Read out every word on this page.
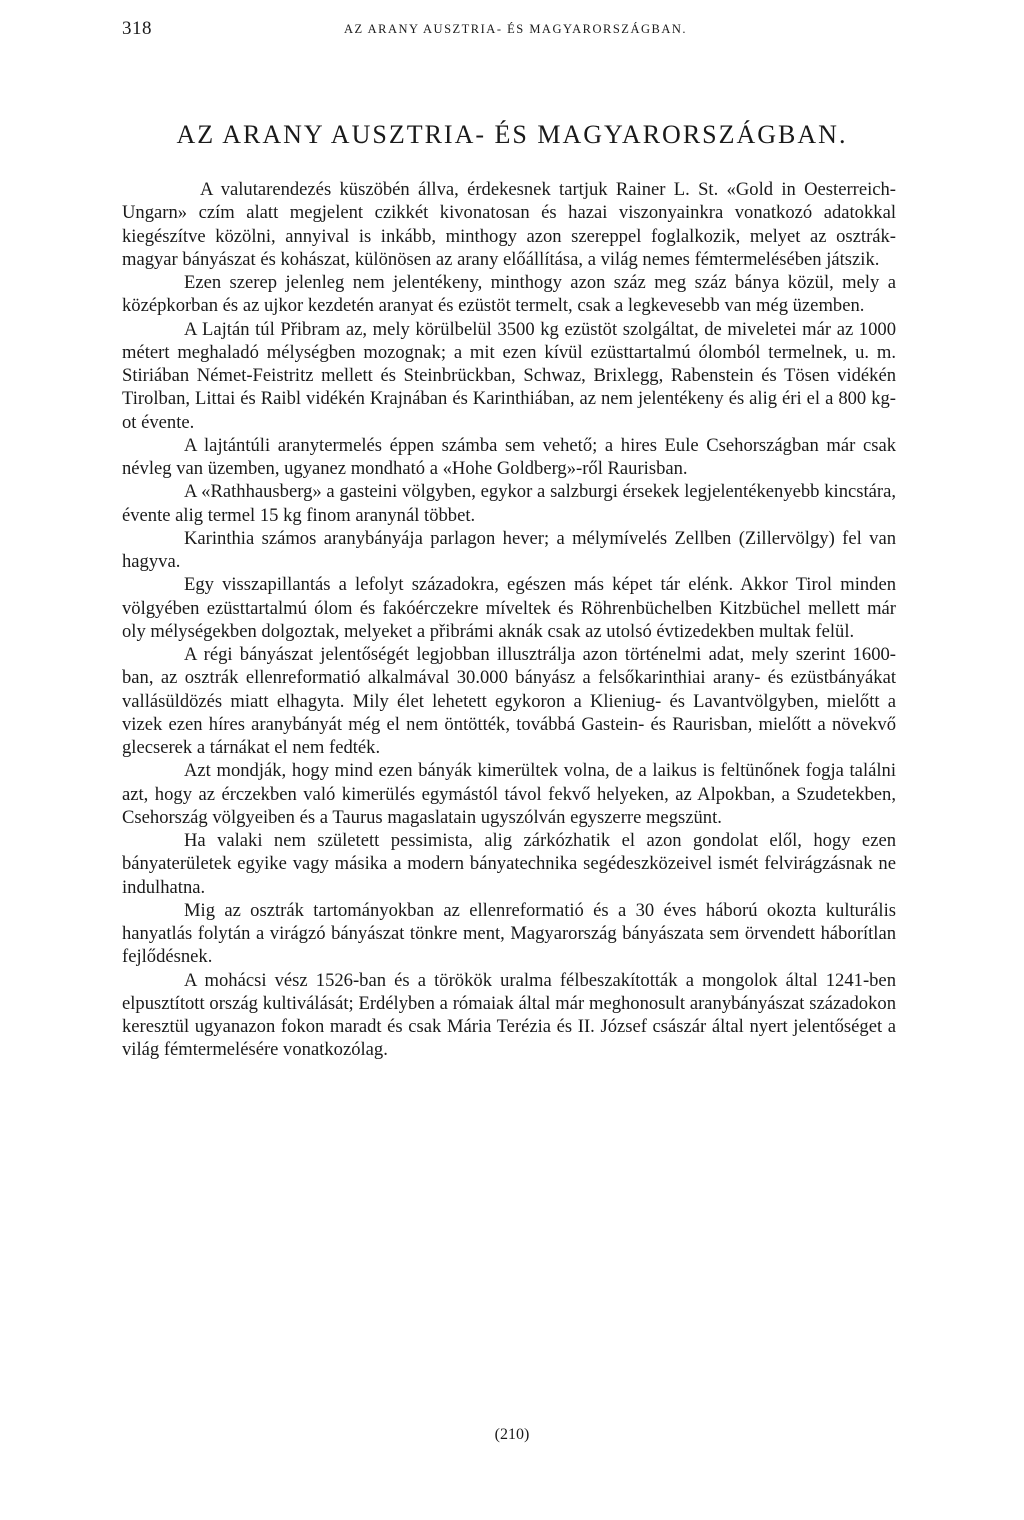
318	AZ ARANY AUSZTRIA- ÉS MAGYARORSZÁGBAN.
AZ ARANY AUSZTRIA- ÉS MAGYARORSZÁGBAN.

A valutarendezés küszöbén állva, érdekesnek tartjuk Rainer L. St. «Gold in Oesterreich-Ungarn» czím alatt megjelent czikkét kivonatosan és hazai viszonyainkra vonatkozó adatokkal kiegészítve közölni, annyival is inkább, minthogy azon szereppel foglalkozik, melyet az osztrák-magyar bányászat és kohászat, különösen az arany előállítása, a világ nemes fémtermelésében játszik.

Ezen szerep jelenleg nem jelentékeny, minthogy azon száz meg száz bánya közül, mely a középkorban és az ujkor kezdetén aranyat és ezüstöt termelt, csak a legkevesebb van még üzemben.

A Lajtán túl Přibram az, mely körülbelül 3500 kg ezüstöt szolgáltat, de miveletei már az 1000 métert meghaladó mélységben mozognak; a mit ezen kívül ezüsttartalmú ólomból termelnek, u. m. Stiriában Német-Feistritz mellett és Steinbrückban, Schwaz, Brixlegg, Rabenstein és Tösen vidékén Tirolban, Littai és Raibl vidékén Krajnában és Karinthiában, az nem jelentékeny és alig éri el a 800 kg-ot évente.

A lajtántúli aranytermelés éppen számba sem vehető; a hires Eule Csehországban már csak névleg van üzemben, ugyanez mondható a «Hohe Goldberg»-ről Raurisban.

A «Rathhausberg» a gasteini völgyben, egykor a salzburgi érsekek legjelentékenyebb kincstára, évente alig termel 15 kg finom aranynál többet.

Karinthia számos aranybányája parlagon hever; a mélymívelés Zellben (Zillervölgy) fel van hagyva.

Egy visszapillantás a lefolyt századokra, egészen más képet tár elénk. Akkor Tirol minden völgyében ezüsttartalmú ólom és fakóérczekre míveltek és Röhrenbüchelben Kitzbüchel mellett már oly mélységekben dolgoztak, melyeket a přibrámi aknák csak az utolsó évtizedekben multak felül.

A régi bányászat jelentőségét legjobban illusztrálja azon történelmi adat, mely szerint 1600-ban, az osztrák ellenreformatió alkalmával 30.000 bányász a felsőkarinthiai arany- és ezüstbányákat vallásüldözés miatt elhagyta. Mily élet lehetett egykoron a Klieniug- és Lavantvölgyben, mielőtt a vizek ezen híres aranybányát még el nem öntötték, továbbá Gastein- és Raurisban, mielőtt a növekvő glecserek a tárnákat el nem fedték.

Azt mondják, hogy mind ezen bányák kimerültek volna, de a laikus is feltünőnek fogja találni azt, hogy az érczekben való kimerülés egymástól távol fekvő helyeken, az Alpokban, a Szudetekben, Csehország völgyeiben és a Taurus magaslatain ugyszólván egyszerre megszünt.

Ha valaki nem született pessimista, alig zárkózhatik el azon gondolat elől, hogy ezen bányaterületek egyike vagy másika a modern bányatechnika segédeszközeivel ismét felvirágzásnak ne indulhatna.

Mig az osztrák tartományokban az ellenreformatió és a 30 éves háború okozta kulturális hanyatlás folytán a virágzó bányászat tönkre ment, Magyarország bányászata sem örvendett háborítlan fejlődésnek.

A mohácsi vész 1526-ban és a törökök uralma félbeszakították a mongolok által 1241-ben elpusztított ország kultiválását; Erdélyben a rómaiak által már meghonosult aranybányászat századokon keresztül ugyanazon fokon maradt és csak Mária Terézia és II. József császár által nyert jelentőséget a világ fémtermelésére vonatkozólag.

(210)
